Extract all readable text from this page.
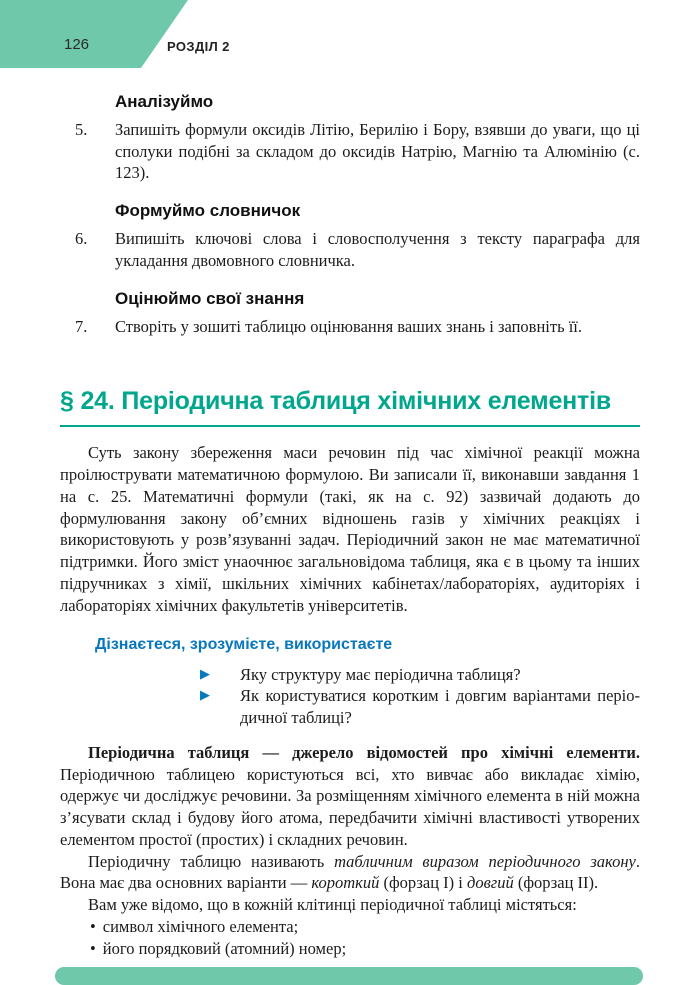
126	РОЗДІЛ 2
Аналізуймо
5.	Запишіть формули оксидів Літію, Берилію і Бору, взявши до уваги, що ці сполуки подібні за складом до оксидів Натрію, Магнію та Алюмінію (с. 123).
Формуймо словничок
6.	Випишіть ключові слова і словосполучення з тексту параграфа для укладання двомовного словничка.
Оцінюймо свої знання
7.	Створіть у зошиті таблицю оцінювання ваших знань і заповніть її.
§ 24. Періодична таблиця хімічних елементів

Суть закону збереження маси речовин під час хімічної реакції можна проілюструвати математичною формулою. Ви записали її, виконавши завдання 1 на с. 25. Математичні формули (такі, як на с. 92) зазвичай додають до формулювання закону об’ємних відношень газів у хімічних реакціях і використовують у розв’язуванні задач. Періодичний закон не має математичної підтримки. Його зміст унаочнює загальновідома таблиця, яка є в цьому та інших підручниках з хімії, шкільних хімічних кабінетах/лабораторіях, аудиторіях і лабораторіях хімічних факультетів університетів.

Дізнаєтеся, зрозумієте, використаєте
▶	Яку структуру має періодична таблиця?
▶	Як користуватися коротким і довгим варіантами періодичної таблиці?

Періодична таблиця — джерело відомостей про хімічні елементи. Періодичною таблицею користуються всі, хто вивчає або викладає хімію, одержує чи досліджує речовини. За розміщенням хімічного елемента в ній можна з’ясувати склад і будову його атома, передбачити хімічні властивості утворених елементом простої (простих) і складних речовин.

Періодичну таблицю називають табличним виразом періодичного закону. Вона має два основних варіанти — короткий (форзац I) і довгий (форзац II).

Вам уже відомо, що в кожній клітинці періодичної таблиці містяться:

• символ хімічного елемента;

• його порядковий (атомний) номер;
